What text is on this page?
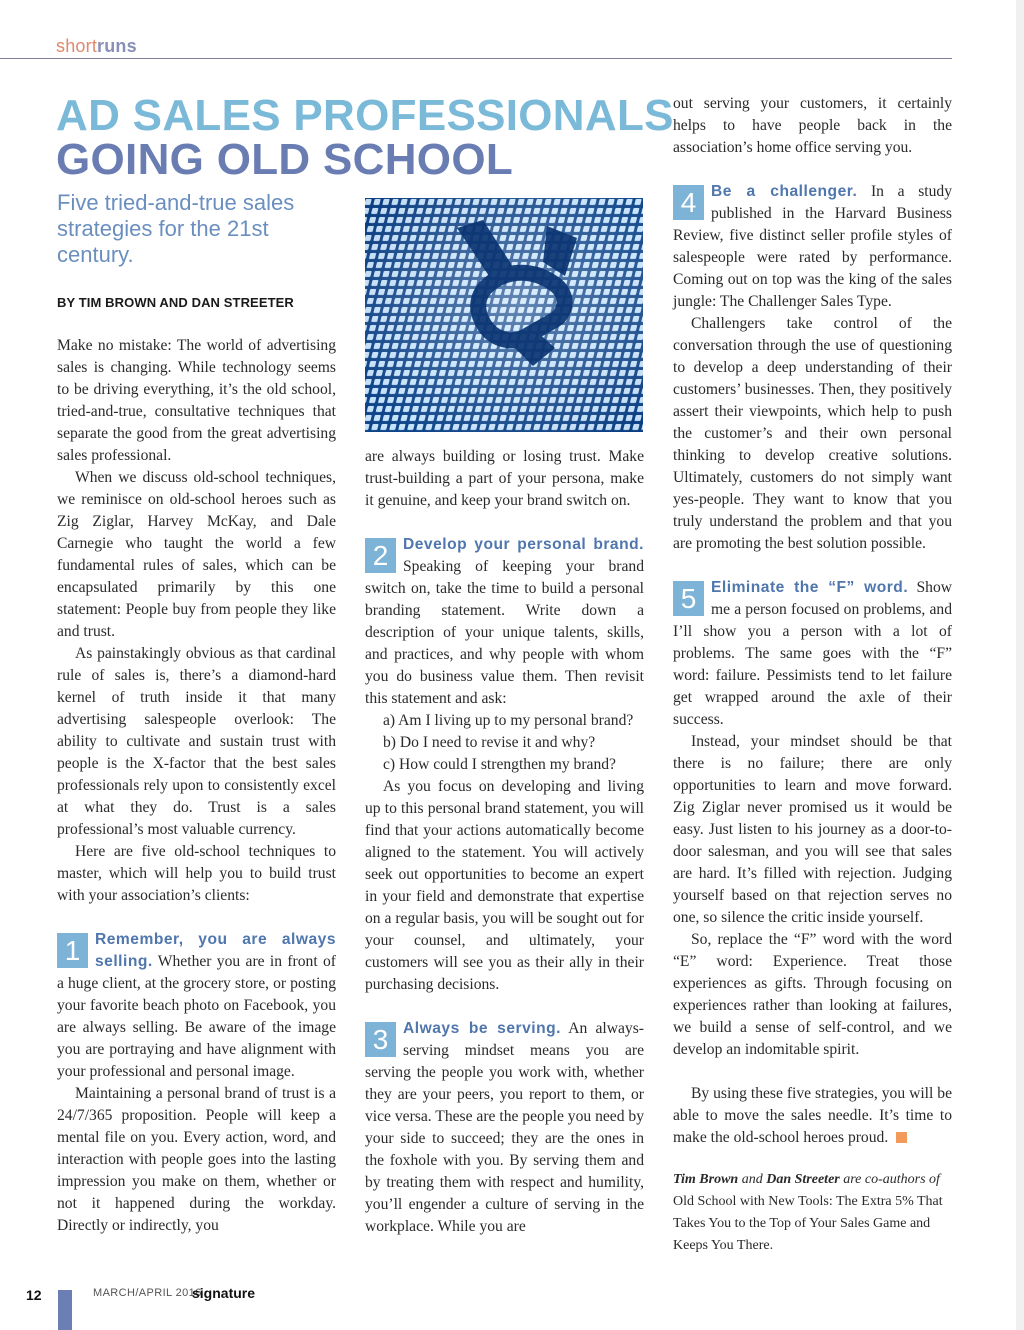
shortruns
AD SALES PROFESSIONALS
GOING OLD SCHOOL
Five tried-and-true sales strategies for the 21st century.
BY TIM BROWN AND DAN STREETER

Make no mistake: The world of advertising sales is changing. While technology seems to be driving everything, it’s the old school, tried-and-true, consultative techniques that separate the good from the great advertising sales professional.

When we discuss old-school techniques, we reminisce on old-school heroes such as Zig Ziglar, Harvey McKay, and Dale Carnegie who taught the world a few fundamental rules of sales, which can be encapsulated primarily by this one statement: People buy from people they like and trust.

As painstakingly obvious as that cardinal rule of sales is, there’s a diamond-hard kernel of truth inside it that many advertising salespeople overlook: The ability to cultivate and sustain trust with people is the X-factor that the best sales professionals rely upon to consistently excel at what they do. Trust is a sales professional’s most valuable currency.

Here are five old-school techniques to master, which will help you to build trust with your association’s clients:

1 Remember, you are always selling. Whether you are in front of a huge client, at the grocery store, or posting your favorite beach photo on Facebook, you are always selling. Be aware of the image you are portraying and have alignment with your professional and personal image.

Maintaining a personal brand of trust is a 24/7/365 proposition. People will keep a mental file on you. Every action, word, and interaction with people goes into the lasting impression you make on them, whether or not it happened during the workday. Directly or indirectly, you

are always building or losing trust. Make trust-building a part of your persona, make it genuine, and keep your brand switch on.

2 Develop your personal brand. Speaking of keeping your brand switch on, take the time to build a personal branding statement. Write down a description of your unique talents, skills, and practices, and why people with whom you do business value them. Then revisit this statement and ask:

a) Am I living up to my personal brand?

b) Do I need to revise it and why?

c) How could I strengthen my brand?

As you focus on developing and living up to this personal brand statement, you will find that your actions automatically become aligned to the statement. You will actively seek out opportunities to become an expert in your field and demonstrate that expertise on a regular basis, you will be sought out for your counsel, and ultimately, your customers will see you as their ally in their purchasing decisions.

3 Always be serving. An always-serving mindset means you are serving the people you work with, whether they are your peers, you report to them, or vice versa. These are the people you need by your side to succeed; they are the ones in the foxhole with you. By serving them and by treating them with respect and humility, you’ll engender a culture of serving in the workplace. While you are

out serving your customers, it certainly helps to have people back in the association’s home office serving you.

4 Be a challenger. In a study published in the Harvard Business Review, five distinct seller profile styles of salespeople were rated by performance. Coming out on top was the king of the sales jungle: The Challenger Sales Type.

Challengers take control of the conversation through the use of questioning to develop a deep understanding of their customers’ businesses. Then, they positively assert their viewpoints, which help to push the customer’s and their own personal thinking to develop creative solutions. Ultimately, customers do not simply want yes-people. They want to know that you truly understand the problem and that you are promoting the best solution possible.

5 Eliminate the “F” word. Show me a person focused on problems, and I’ll show you a person with a lot of problems. The same goes with the “F” word: failure. Pessimists tend to let failure get wrapped around the axle of their success.

Instead, your mindset should be that there is no failure; there are only opportunities to learn and move forward. Zig Ziglar never promised us it would be easy. Just listen to his journey as a door-to-door salesman, and you will see that sales are hard. It’s filled with rejection. Judging yourself based on that rejection serves no one, so silence the critic inside yourself.

So, replace the “F” word with the word “E” word: Experience. Treat those experiences as gifts. Through focusing on experiences rather than looking at failures, we build a sense of self-control, and we develop an indomitable spirit.

By using these five strategies, you will be able to move the sales needle. It’s time to make the old-school heroes proud.

Tim Brown and Dan Streeter are co-authors of Old School with New Tools: The Extra 5% That Takes You to the Top of Your Sales Game and Keeps You There.

12	MARCH/APRIL 2016
signature
